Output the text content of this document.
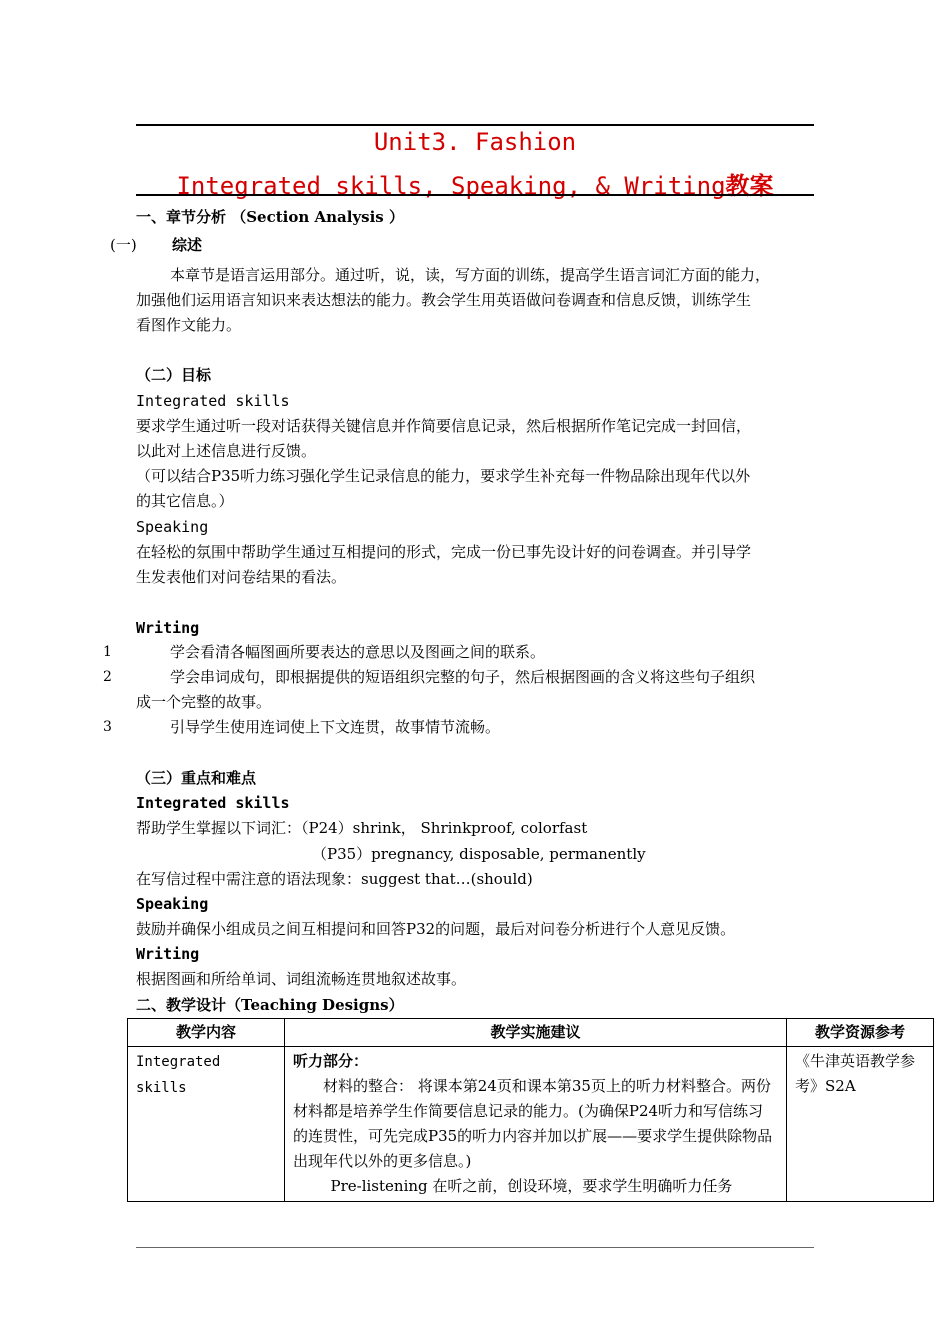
Unit3. Fashion
Integrated skills, Speaking, & Writing教案
一、章节分析 （Section Analysis ）
(一) 综述
本章节是语言运用部分。通过听，说，读，写方面的训练，提高学生语言词汇方面的能力，
加强他们运用语言知识来表达想法的能力。教会学生用英语做问卷调查和信息反馈，训练学生
看图作文能力。
（二）目标
Integrated skills
要求学生通过听一段对话获得关键信息并作简要信息记录，然后根据所作笔记完成一封回信，
以此对上述信息进行反馈。
（可以结合P35听力练习强化学生记录信息的能力，要求学生补充每一件物品除出现年代以外
的其它信息。）
Speaking
在轻松的氛围中帮助学生通过互相提问的形式，完成一份已事先设计好的问卷调查。并引导学
生发表他们对问卷结果的看法。
Writing
1	学会看清各幅图画所要表达的意思以及图画之间的联系。
2	学会串词成句，即根据提供的短语组织完整的句子，然后根据图画的含义将这些句子组织
成一个完整的故事。
3	引导学生使用连词使上下文连贯，故事情节流畅。
（三）重点和难点
Integrated skills
帮助学生掌握以下词汇：（P24）shrink， Shrinkproof, colorfast
（P35）pregnancy, disposable, permanently
在写信过程中需注意的语法现象：suggest that…(should)
Speaking
鼓励并确保小组成员之间互相提问和回答P32的问题，最后对问卷分析进行个人意见反馈。
Writing
根据图画和所给单词、词组流畅连贯地叙述故事。
二、教学设计（Teaching Designs）
教学内容	教学实施建议	教学资源参考
Integrated skills	听力部分：

材料的整合： 将课本第24页和课本第35页上的听力材料整合。两份材料都是培养学生作简要信息记录的能力。(为确保P24听力和写信练习的连贯性，可先完成P35的听力内容并加以扩展——要求学生提供除物品出现年代以外的更多信息。)

Pre-listening 在听之前，创设环境，要求学生明确听力任务	《牛津英语教学参考》S2A
